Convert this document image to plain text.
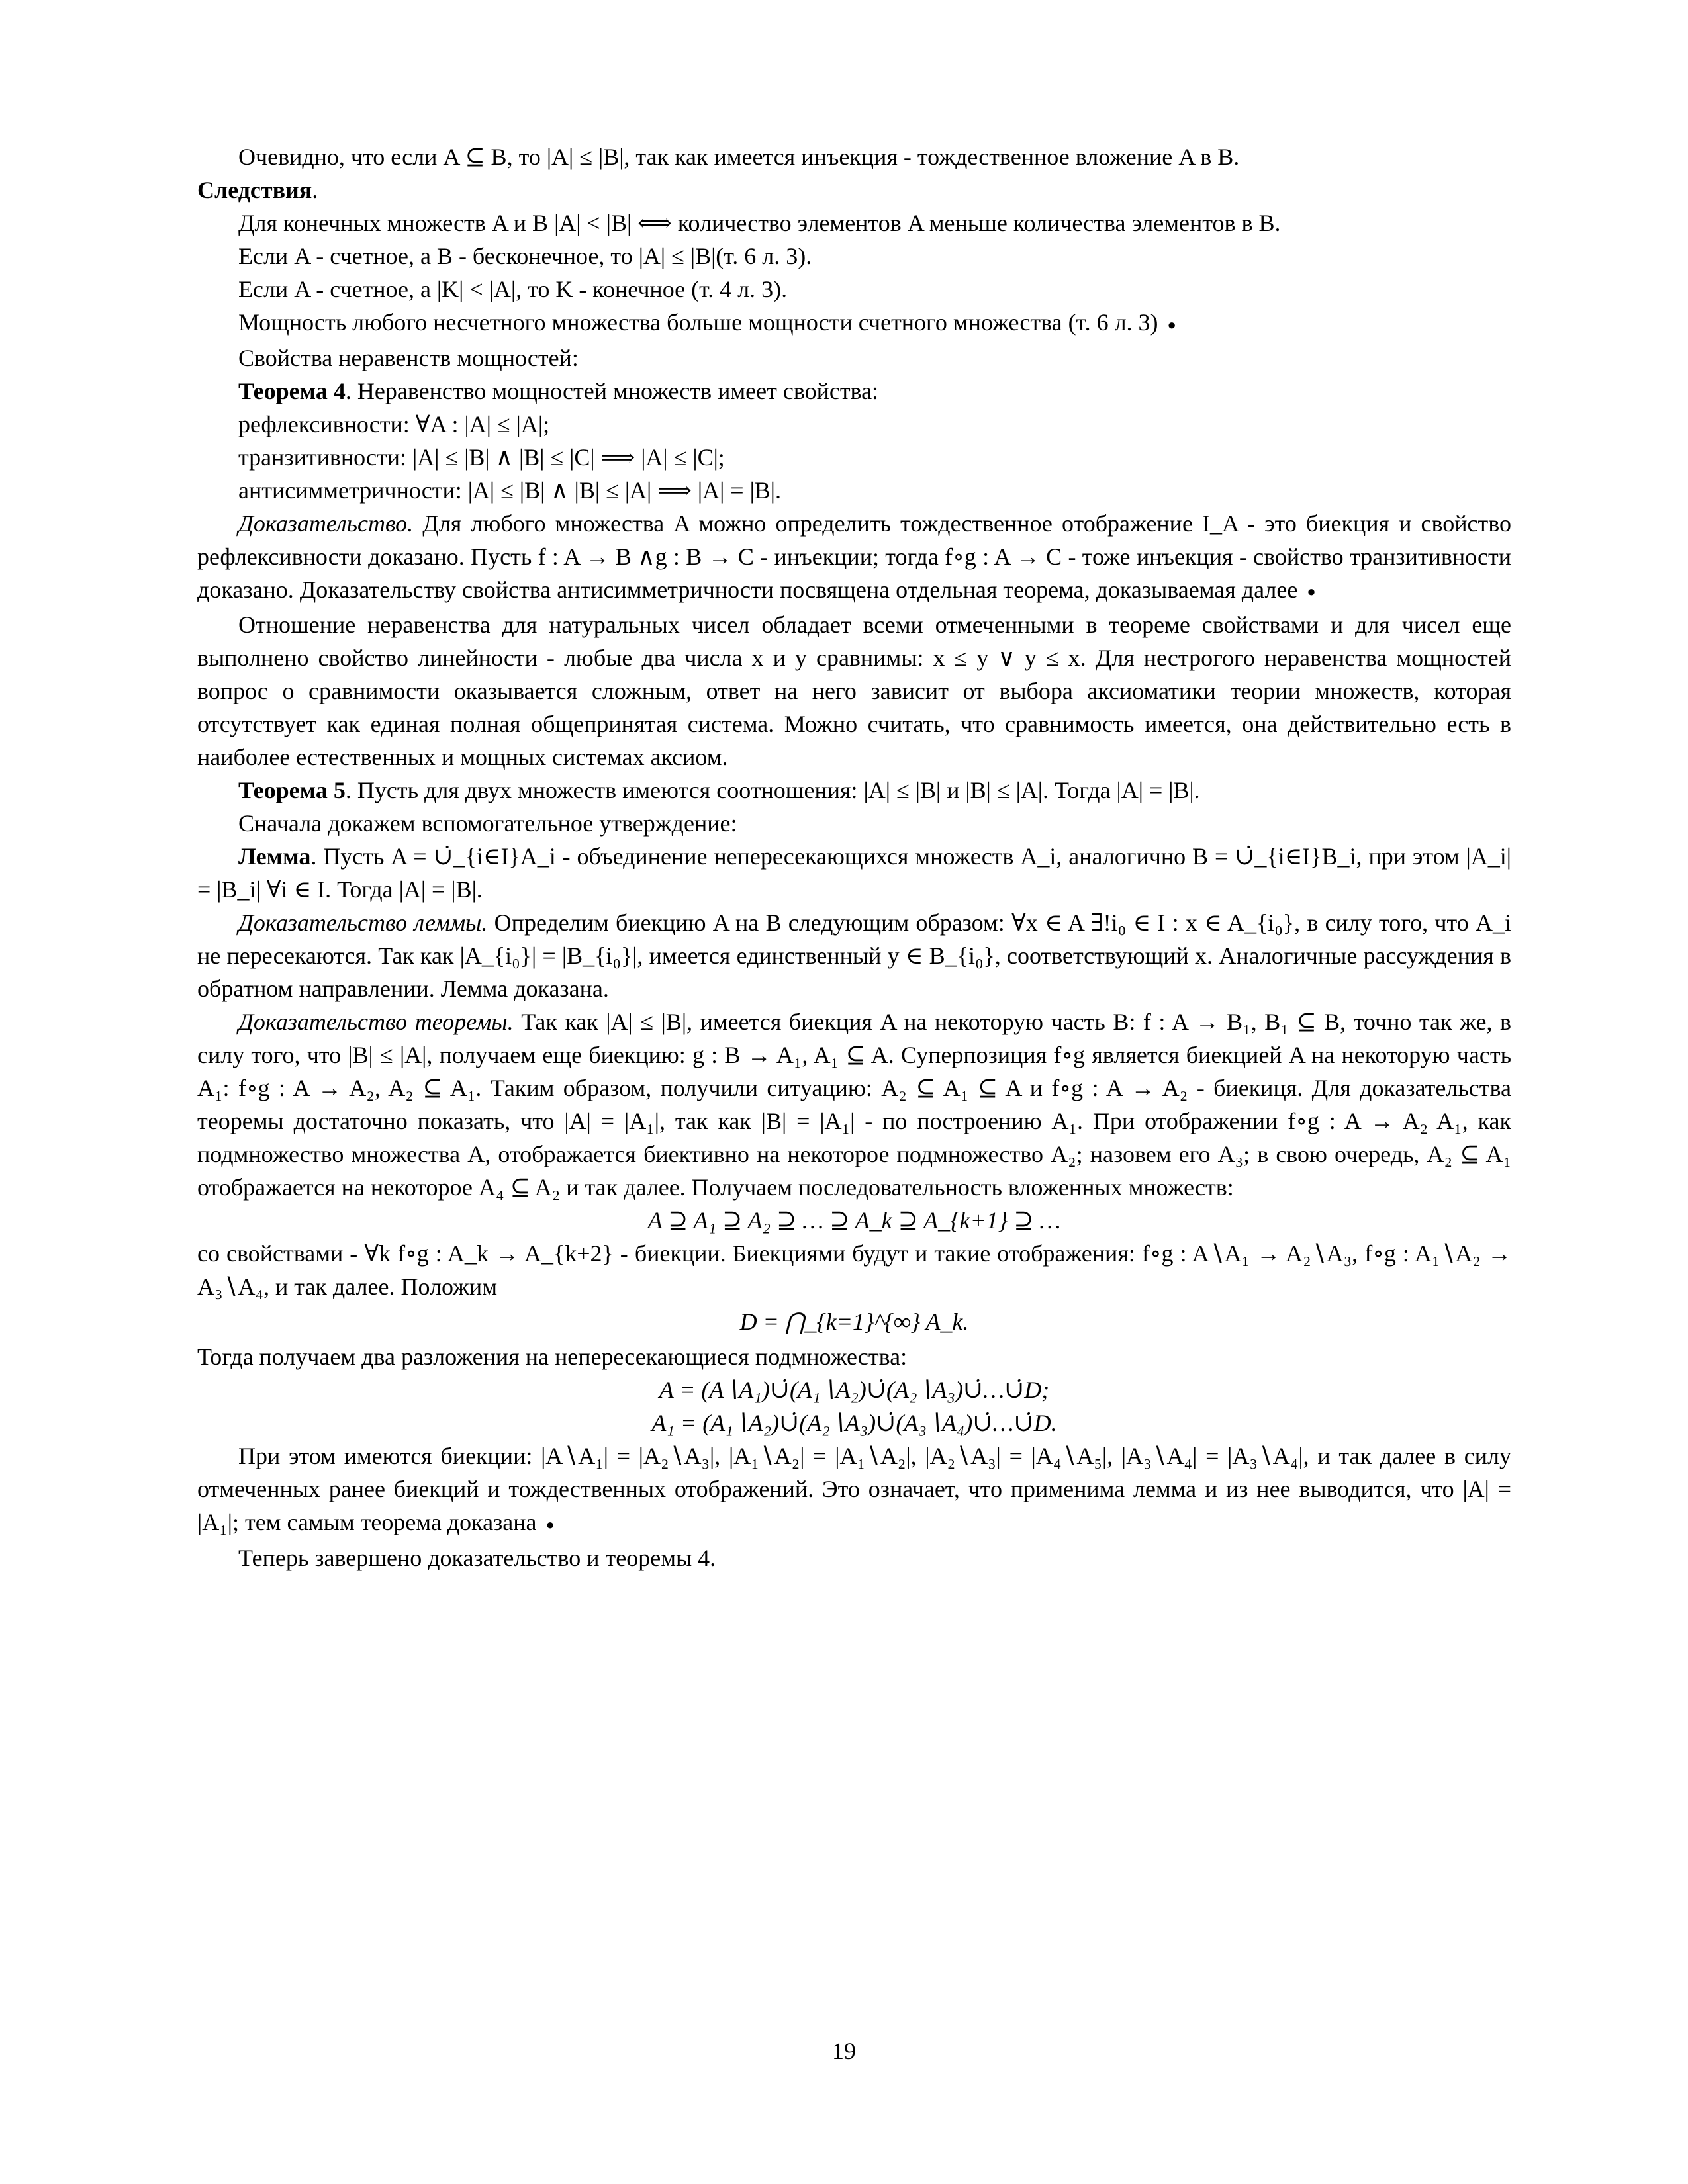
Очевидно, что если A ⊆ B, то |A| ≤ |B|, так как имеется инъекция - тождественное вложение A в B.

Следствия.

Для конечных множеств A и B |A| < |B| ⟺ количество элементов A меньше количества элементов в B.

Если A - счетное, а B - бесконечное, то |A| ≤ |B|(т. 6 л. 3).

Если A - счетное, а |K| < |A|, то K - конечное (т. 4 л. 3).

Мощность любого несчетного множества больше мощности счетного множества (т. 6 л. 3) ●

Свойства неравенств мощностей:

Теорема 4. Неравенство мощностей множеств имеет свойства:

рефлексивности: ∀A : |A| ≤ |A|;

транзитивности: |A| ≤ |B| ∧ |B| ≤ |C| ⟹ |A| ≤ |C|;

антисимметричности: |A| ≤ |B| ∧ |B| ≤ |A| ⟹ |A| = |B|.

Доказательство. Для любого множества A можно определить тождественное отображение I_A - это биекция и свойство рефлексивности доказано. Пусть f : A → B ∧g : B → C - инъекции; тогда f∘g : A → C - тоже инъекция - свойство транзитивности доказано. Доказательству свойства антисимметричности посвящена отдельная теорема, доказываемая далее ●

Отношение неравенства для натуральных чисел обладает всеми отмеченными в теореме свойствами и для чисел еще выполнено свойство линейности - любые два числа x и y сравнимы: x ≤ y ∨ y ≤ x. Для нестрогого неравенства мощностей вопрос о сравнимости оказывается сложным, ответ на него зависит от выбора аксиоматики теории множеств, которая отсутствует как единая полная общепринятая система. Можно считать, что сравнимость имеется, она действительно есть в наиболее естественных и мощных системах аксиом.

Теорема 5. Пусть для двух множеств имеются соотношения: |A| ≤ |B| и |B| ≤ |A|. Тогда |A| = |B|.

Сначала докажем вспомогательное утверждение:

Лемма. Пусть A = ∪̇_{i∈I}A_i - объединение непересекающихся множеств A_i, аналогично B = ∪̇_{i∈I}B_i, при этом |A_i| = |B_i| ∀i ∈ I. Тогда |A| = |B|.

Доказательство леммы. Определим биекцию A на B следующим образом: ∀x ∈ A ∃!i₀ ∈ I : x ∈ A_{i₀}, в силу того, что A_i не пересекаются. Так как |A_{i₀}| = |B_{i₀}|, имеется единственный y ∈ B_{i₀}, соответствующий x. Аналогичные рассуждения в обратном направлении. Лемма доказана.

Доказательство теоремы. Так как |A| ≤ |B|, имеется биекция A на некоторую часть B: f : A → B₁, B₁ ⊆ B, точно так же, в силу того, что |B| ≤ |A|, получаем еще биекцию: g : B → A₁, A₁ ⊆ A. Суперпозиция f∘g является биекцией A на некоторую часть A₁: f∘g : A → A₂, A₂ ⊆ A₁. Таким образом, получили ситуацию: A₂ ⊆ A₁ ⊆ A и f∘g : A → A₂ - биекиця. Для доказательства теоремы достаточно показать, что |A| = |A₁|, так как |B| = |A₁| - по построению A₁. При отображении f∘g : A → A₂ A₁, как подмножество множества A, отображается биективно на некоторое подмножество A₂; назовем его A₃; в свою очередь, A₂ ⊆ A₁ отображается на некоторое A₄ ⊆ A₂ и так далее. Получаем последовательность вложенных множеств:

A ⊇ A₁ ⊇ A₂ ⊇ … ⊇ A_k ⊇ A_{k+1} ⊇ …

со свойствами - ∀k f∘g : A_k → A_{k+2} - биекции. Биекциями будут и такие отображения: f∘g : A∖A₁ → A₂∖A₃, f∘g : A₁∖A₂ → A₃∖A₄, и так далее. Положим

D = ⋂_{k=1}^{∞} A_k.

Тогда получаем два разложения на непересекающиеся подмножества:

A = (A∖A₁)∪̇(A₁∖A₂)∪̇(A₂∖A₃)∪̇…∪̇D;

A₁ = (A₁∖A₂)∪̇(A₂∖A₃)∪̇(A₃∖A₄)∪̇…∪̇D.

При этом имеются биекции: |A∖A₁| = |A₂∖A₃|, |A₁∖A₂| = |A₁∖A₂|, |A₂∖A₃| = |A₄∖A₅|, |A₃∖A₄| = |A₃∖A₄|, и так далее в силу отмеченных ранее биекций и тождественных отображений. Это означает, что применима лемма и из нее выводится, что |A| = |A₁|; тем самым теорема доказана ●

Теперь завершено доказательство и теоремы 4.

19
